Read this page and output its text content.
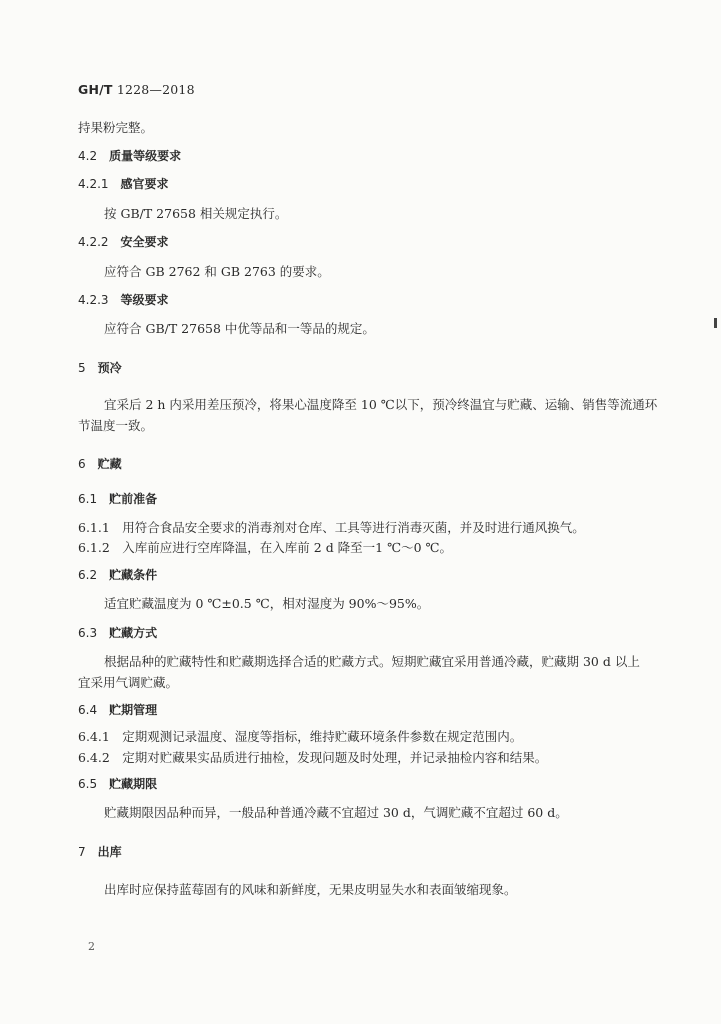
GH/T 1228—2018
持果粉完整。
4.2 质量等级要求
4.2.1 感官要求
按 GB/T 27658 相关规定执行。
4.2.2 安全要求
应符合 GB 2762 和 GB 2763 的要求。
4.2.3 等级要求
应符合 GB/T 27658 中优等品和一等品的规定。
5 预冷
宜采后 2 h 内采用差压预冷，将果心温度降至 10 ℃以下，预冷终温宜与贮藏、运输、销售等流通环
节温度一致。
6 贮藏
6.1 贮前准备
6.1.1　用符合食品安全要求的消毒剂对仓库、工具等进行消毒灭菌，并及时进行通风换气。
6.1.2　入库前应进行空库降温，在入库前 2 d 降至一1 ℃～0 ℃。
6.2 贮藏条件
适宜贮藏温度为 0 ℃±0.5 ℃，相对湿度为 90%～95%。
6.3 贮藏方式
根据品种的贮藏特性和贮藏期选择合适的贮藏方式。短期贮藏宜采用普通冷藏，贮藏期 30 d 以上
宜采用气调贮藏。
6.4 贮期管理
6.4.1　定期观测记录温度、湿度等指标，维持贮藏环境条件参数在规定范围内。
6.4.2　定期对贮藏果实品质进行抽检，发现问题及时处理，并记录抽检内容和结果。
6.5 贮藏期限
贮藏期限因品种而异，一般品种普通冷藏不宜超过 30 d，气调贮藏不宜超过 60 d。
7 出库
出库时应保持蓝莓固有的风味和新鲜度，无果皮明显失水和表面皱缩现象。
2
